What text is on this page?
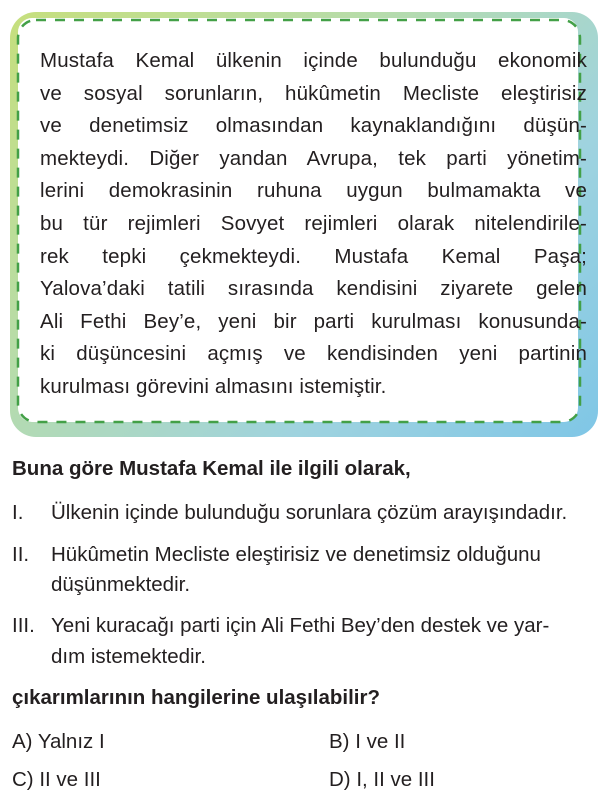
Mustafa Kemal ülkenin içinde bulunduğu ekonomik
ve sosyal sorunların, hükûmetin Mecliste eleştirisiz
ve denetimsiz olmasından kaynaklandığını düşün-
mekteydi. Diğer yandan Avrupa, tek parti yönetim-
lerini demokrasinin ruhuna uygun bulmamakta ve
bu tür rejimleri Sovyet rejimleri olarak nitelendirile-
rek tepki çekmekteydi. Mustafa Kemal Paşa;
Yalova’daki tatili sırasında kendisini ziyarete gelen
Ali Fethi Bey’e, yeni bir parti kurulması konusunda-
ki düşüncesini açmış ve kendisinden yeni partinin
kurulması görevini almasını istemiştir.
Buna göre Mustafa Kemal ile ilgili olarak,
I. Ülkenin içinde bulunduğu sorunlara çözüm arayışındadır.
II. Hükûmetin Mecliste eleştirisiz ve denetimsiz olduğunu
düşünmektedir.
III. Yeni kuracağı parti için Ali Fethi Bey’den destek ve yar-
dım istemektedir.
çıkarımlarının hangilerine ulaşılabilir?
A) Yalnız I	B) I ve II
C) II ve III	D) I, II ve III
